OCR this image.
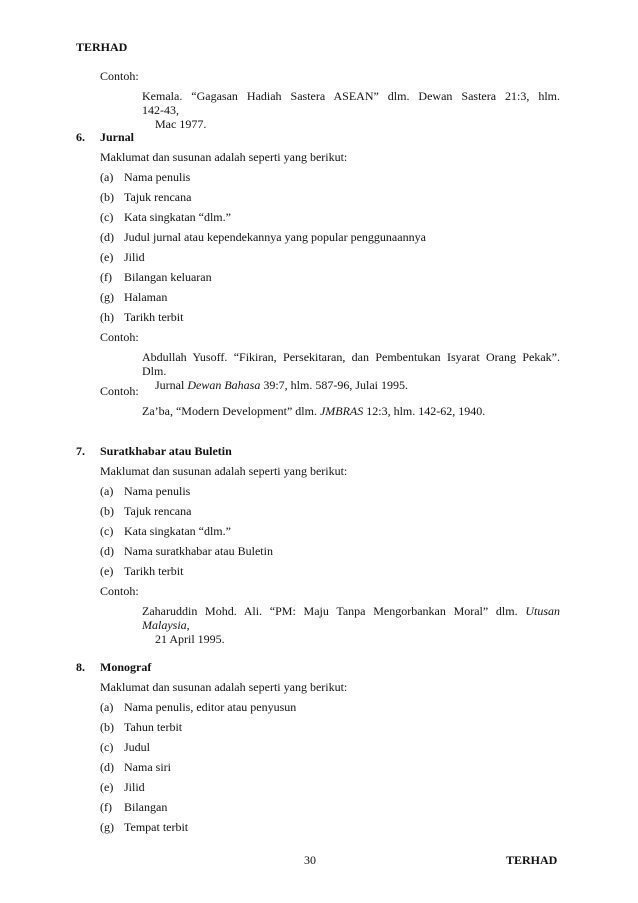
TERHAD
Contoh:
Kemala. “Gagasan Hadiah Sastera ASEAN” dlm. Dewan Sastera 21:3, hlm. 142-43,
Mac 1977.
6. Jurnal
Maklumat dan susunan adalah seperti yang berikut:
(a) Nama penulis
(b) Tajuk rencana
(c) Kata singkatan “dlm.”
(d) Judul jurnal atau kependekannya yang popular penggunaannya
(e) Jilid
(f) Bilangan keluaran
(g) Halaman
(h) Tarikh terbit
Contoh:
Abdullah Yusoff. “Fikiran, Persekitaran, dan Pembentukan Isyarat Orang Pekak”. Dlm.
Jurnal Dewan Bahasa 39:7, hlm. 587-96, Julai 1995.
Contoh:
Za’ba, “Modern Development” dlm. JMBRAS 12:3, hlm. 142-62, 1940.
7. Suratkhabar atau Buletin
Maklumat dan susunan adalah seperti yang berikut:
(a) Nama penulis
(b) Tajuk rencana
(c) Kata singkatan “dlm.”
(d) Nama suratkhabar atau Buletin
(e) Tarikh terbit
Contoh:
Zaharuddin Mohd. Ali. “PM: Maju Tanpa Mengorbankan Moral” dlm. Utusan Malaysia,
21 April 1995.
8. Monograf
Maklumat dan susunan adalah seperti yang berikut:
(a) Nama penulis, editor atau penyusun
(b) Tahun terbit
(c) Judul
(d) Nama siri
(e) Jilid
(f) Bilangan
(g) Tempat terbit
30	TERHAD
